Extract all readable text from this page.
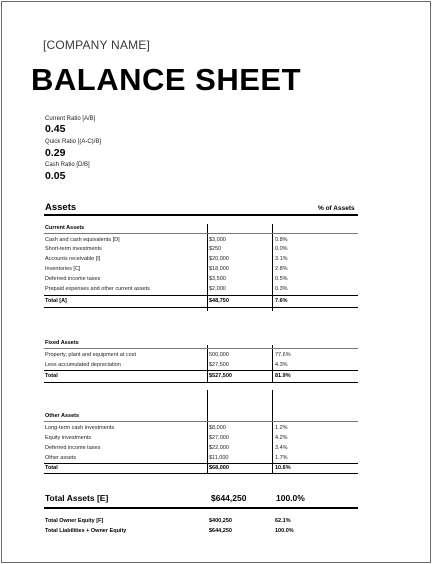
[COMPANY NAME]
BALANCE SHEET
Current Ratio [A/B]
0.45
Quick Ratio [(A-C)/B]
0.29
Cash Ratio [D/B]
0.05
Assets	% of Assets
Current Assets
Cash and cash equivalents [D]	$3,000	0.8%
Short-term investments	$250	0.0%
Accounts receivable [I]	$20,000	3.1%
Inventories [C]	$18,000	2.8%
Deferred income taxes	$3,500	0.5%
Prepaid expenses and other current assets	$2,000	0.3%
Total [A]	$48,750	7.6%
Fixed Assets
Property, plant and equipment at cost	500,000	77.6%
Less accumulated depreciation	$27,500	4.3%
Total	$527,500	81.9%
Other Assets
Long-term cash investments	$8,000	1.2%
Equity investments	$27,000	4.2%
Deferred income taxes	$22,000	3.4%
Other assets	$11,000	1.7%
Total	$68,000	10.6%
Total Assets [E]	$644,250	100.0%
Total Owner Equity [F]	$400,250	62.1%
Total Liabilities + Owner Equity	$644,250	100.0%
